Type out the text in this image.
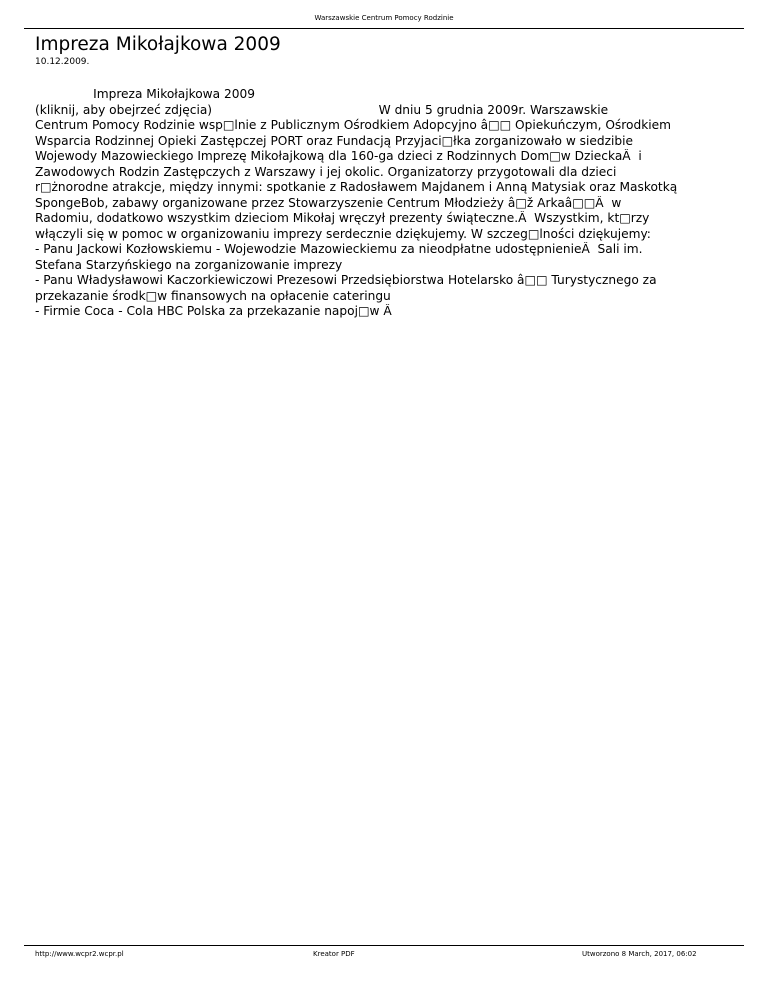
Warszawskie Centrum Pomocy Rodzinie
Impreza Mikołajkowa 2009
10.12.2009.
Impreza Mikołajkowa 2009
(kliknij, aby obejrzeć zdjęcia)                                           W dniu 5 grudnia 2009r. Warszawskie
Centrum Pomocy Rodzinie wsp□lnie z Publicznym Ośrodkiem Adopcyjno â□□ Opiekuńczym, Ośrodkiem
Wsparcia Rodzinnej Opieki Zastępczej PORT oraz Fundacją Przyjaci□łka zorganizowało w siedzibie
Wojewody Mazowieckiego Imprezę Mikołajkową dla 160-ga dzieci z Rodzinnych Dom□w DzieckaÂ  i
Zawodowych Rodzin Zastępczych z Warszawy i jej okolic. Organizatorzy przygotowali dla dzieci
r□żnorodne atrakcje, między innymi: spotkanie z Radosławem Majdanem i Anną Matysiak oraz Maskotką
SpongeBob, zabawy organizowane przez Stowarzyszenie Centrum Młodzieży â□ž Arkaâ□□Â  w
Radomiu, dodatkowo wszystkim dzieciom Mikołaj wręczył prezenty świąteczne.Â  Wszystkim, kt□rzy
włączyli się w pomoc w organizowaniu imprezy serdecznie dziękujemy. W szczeg□lności dziękujemy:
- Panu Jackowi Kozłowskiemu - Wojewodzie Mazowieckiemu za nieodpłatne udostępnienieÂ  Sali im.
Stefana Starzyńskiego na zorganizowanie imprezy
- Panu Władysławowi Kaczorkiewiczowi Prezesowi Przedsiębiorstwa Hotelarsko â□□ Turystycznego za
przekazanie środk□w finansowych na opłacenie cateringu
- Firmie Coca - Cola HBC Polska za przekazanie napoj□w Â
http://www.wcpr2.wcpr.pl	Kreator PDF	Utworzono 8 March, 2017, 06:02
